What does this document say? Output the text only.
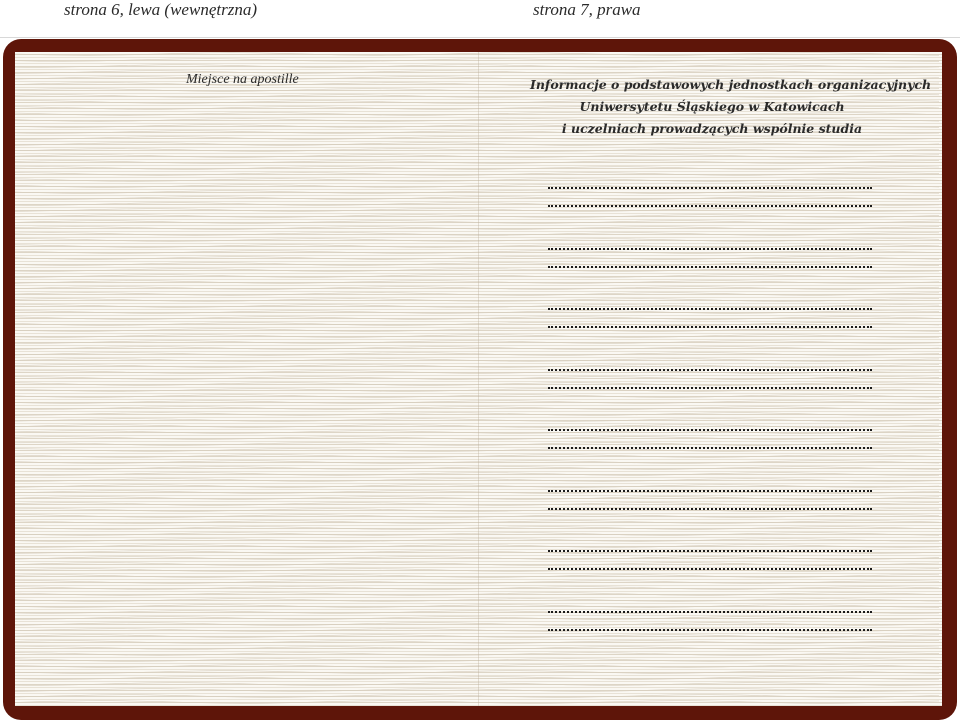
strona 6, lewa (wewnętrzna)	strona 7, prawa
Miejsce na apostille	Informacje o podstawowych jednostkach organizacyjnych
Uniwersytetu Śląskiego w Katowicach
i uczelniach prowadzących wspólnie studia
